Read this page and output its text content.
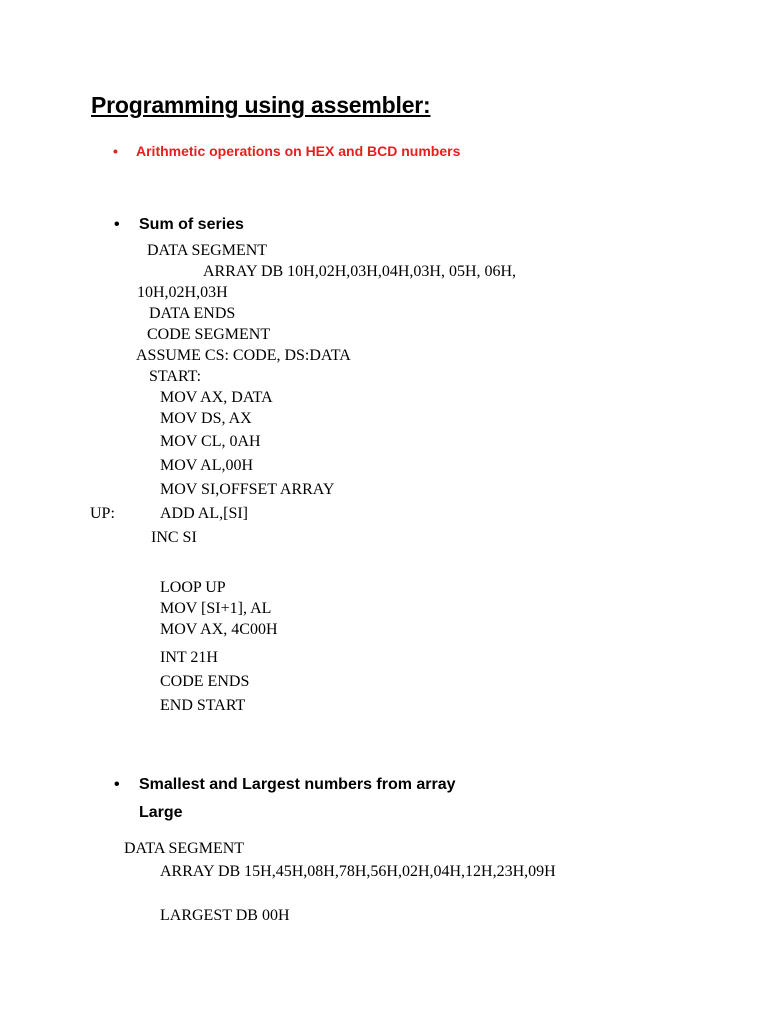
Programming using assembler:
• Arithmetic operations on HEX and BCD numbers
• Sum of series
DATA SEGMENT
ARRAY DB 10H,02H,03H,04H,03H, 05H, 06H,
10H,02H,03H
DATA ENDS
CODE SEGMENT
ASSUME CS: CODE, DS:DATA
START:
MOV AX, DATA
MOV DS, AX
MOV CL, 0AH
MOV AL,00H
MOV SI,OFFSET ARRAY
UP:	ADD AL,[SI]
INC SI
LOOP UP
MOV [SI+1], AL
MOV AX, 4C00H
INT 21H
CODE ENDS
END START
• Smallest and Largest numbers from array
Large
DATA SEGMENT
ARRAY DB 15H,45H,08H,78H,56H,02H,04H,12H,23H,09H
LARGEST DB 00H
